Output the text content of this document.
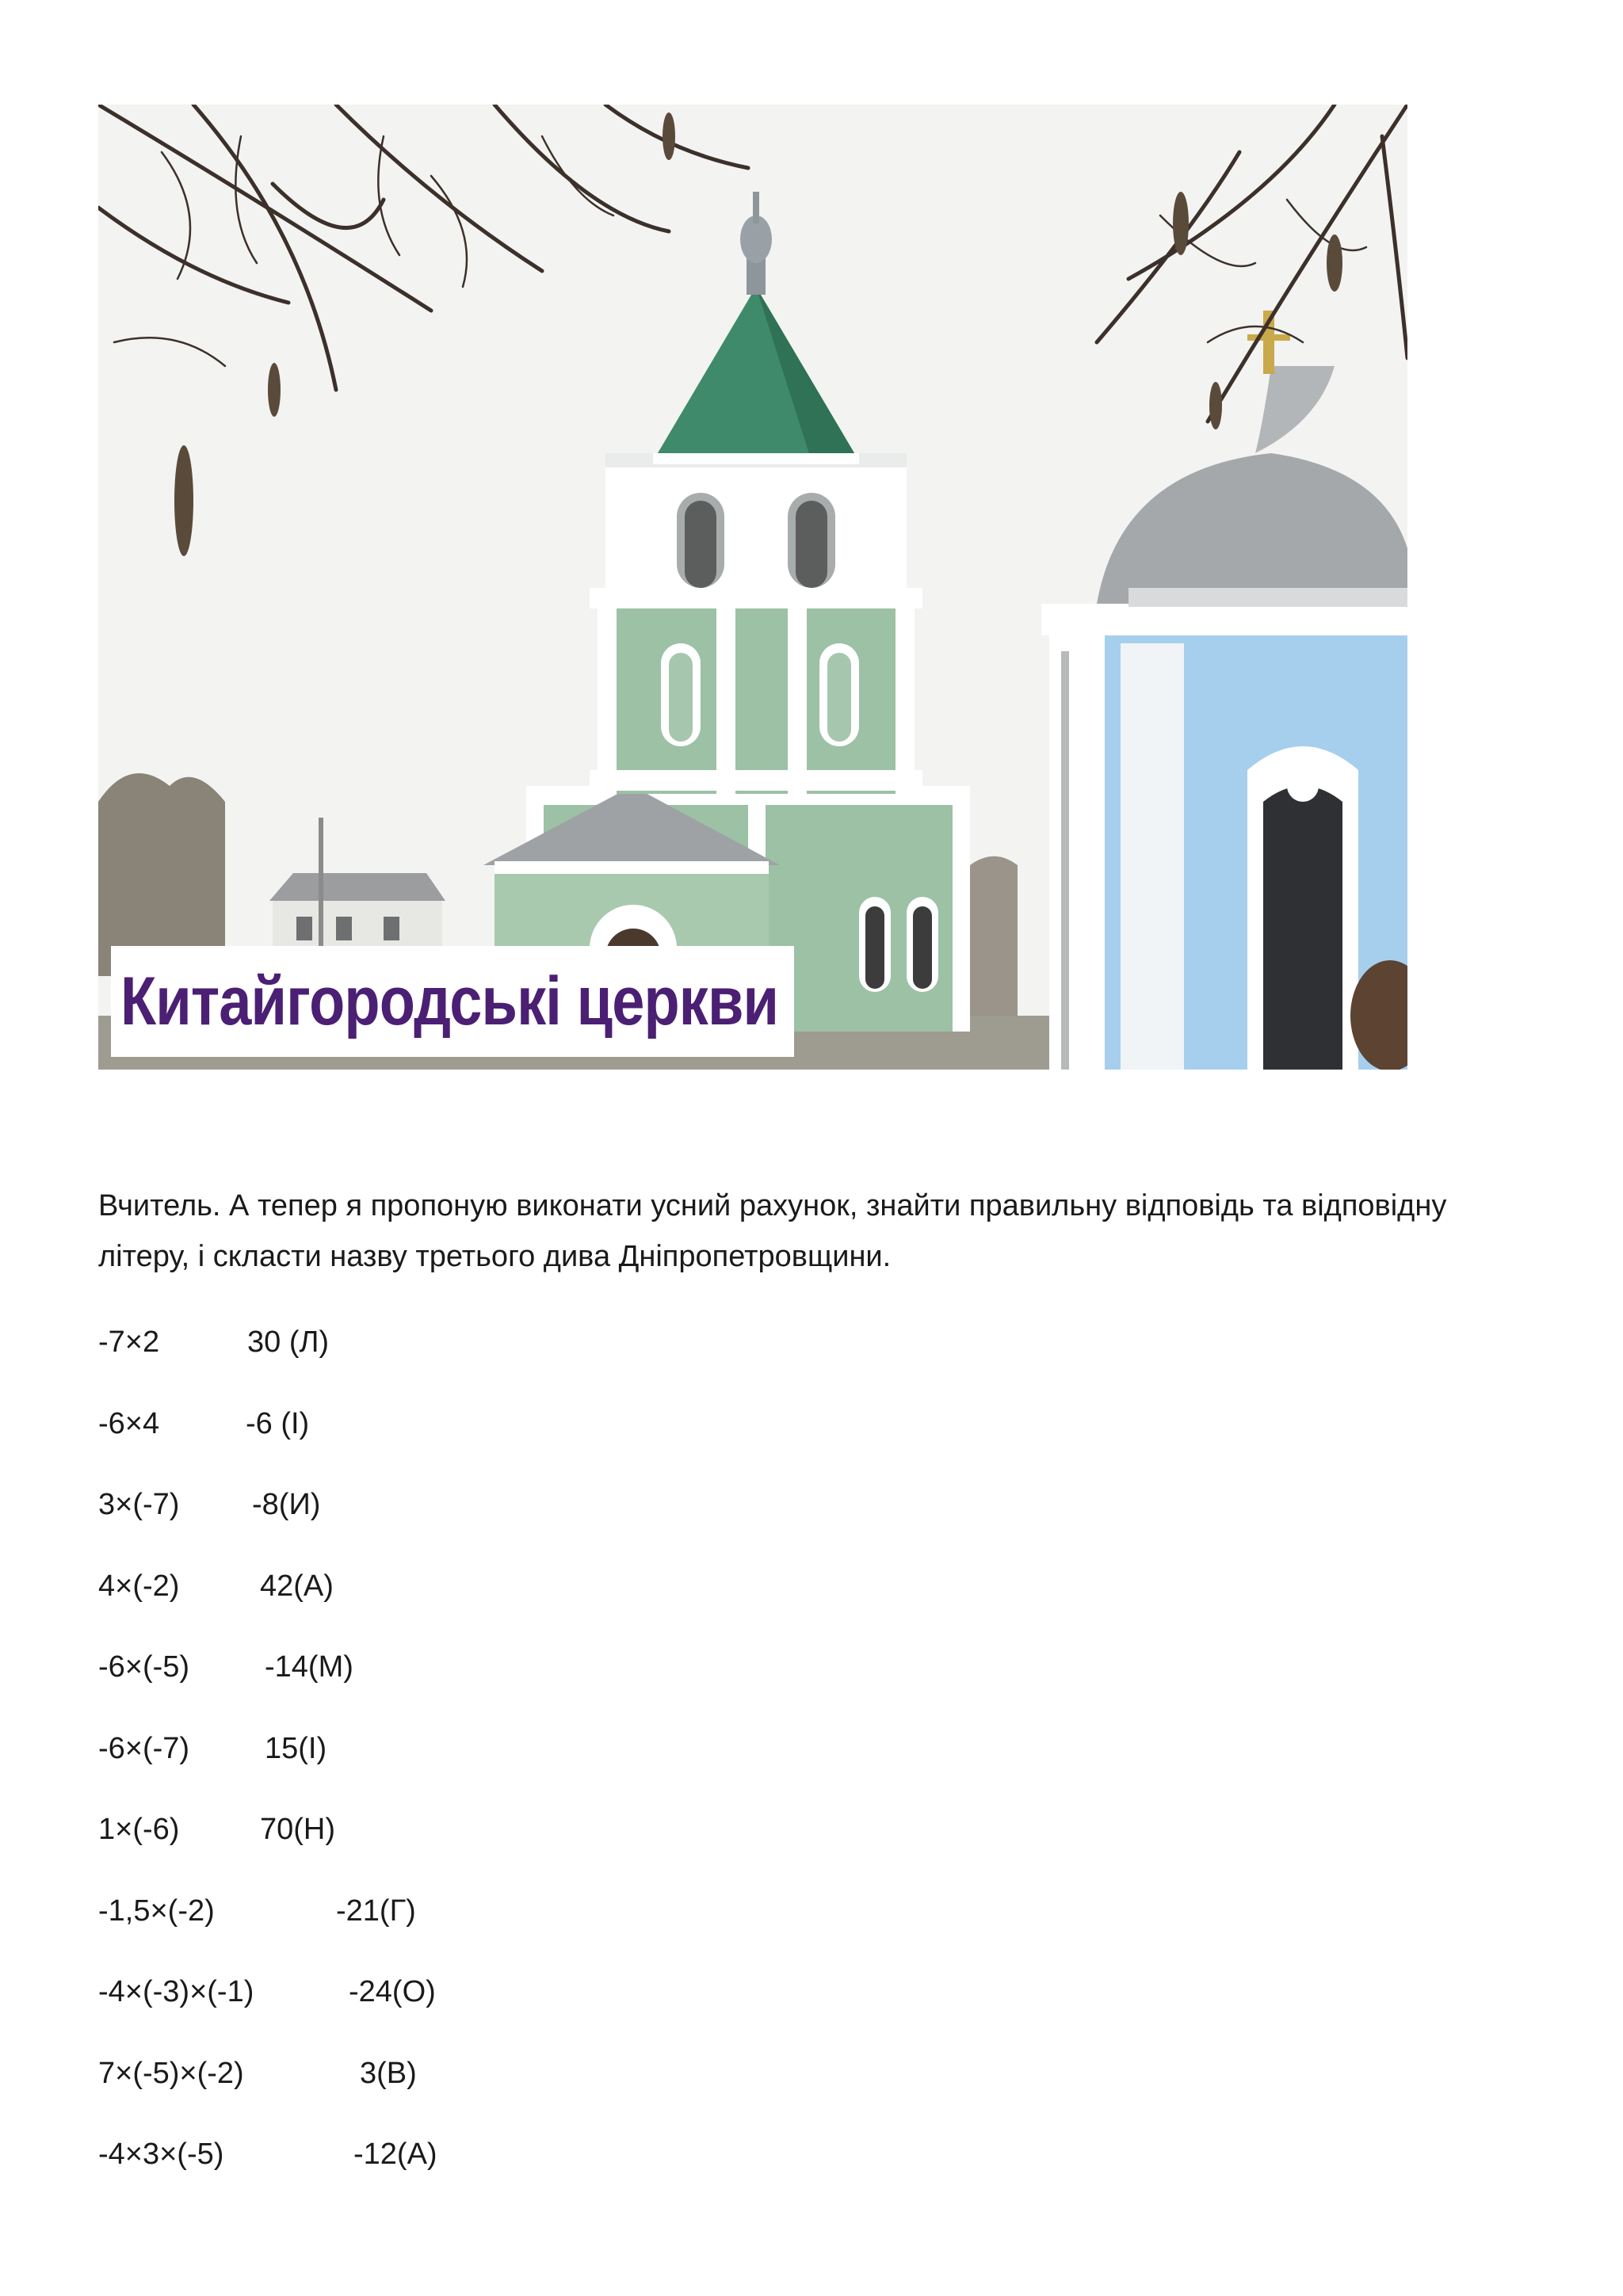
Китайгородські церкви

Вчитель. А тепер я пропоную виконати усний рахунок, знайти правильну відповідь та відповідну літеру, і скласти назву третього дива Дніпропетровщини.

-7×2	30 (Л)
-6×4	-6 (І)
3×(-7) -8(И)
4×(-2)	42(А)
-6×(-5) -14(М)
-6×(-7) 15(І)
1×(-6)	70(Н)
-1,5×(-2)	-21(Г)
-4×(-3)×(-1)	-24(О)
7×(-5)×(-2)	3(В)
-4×3×(-5)	-12(А)
